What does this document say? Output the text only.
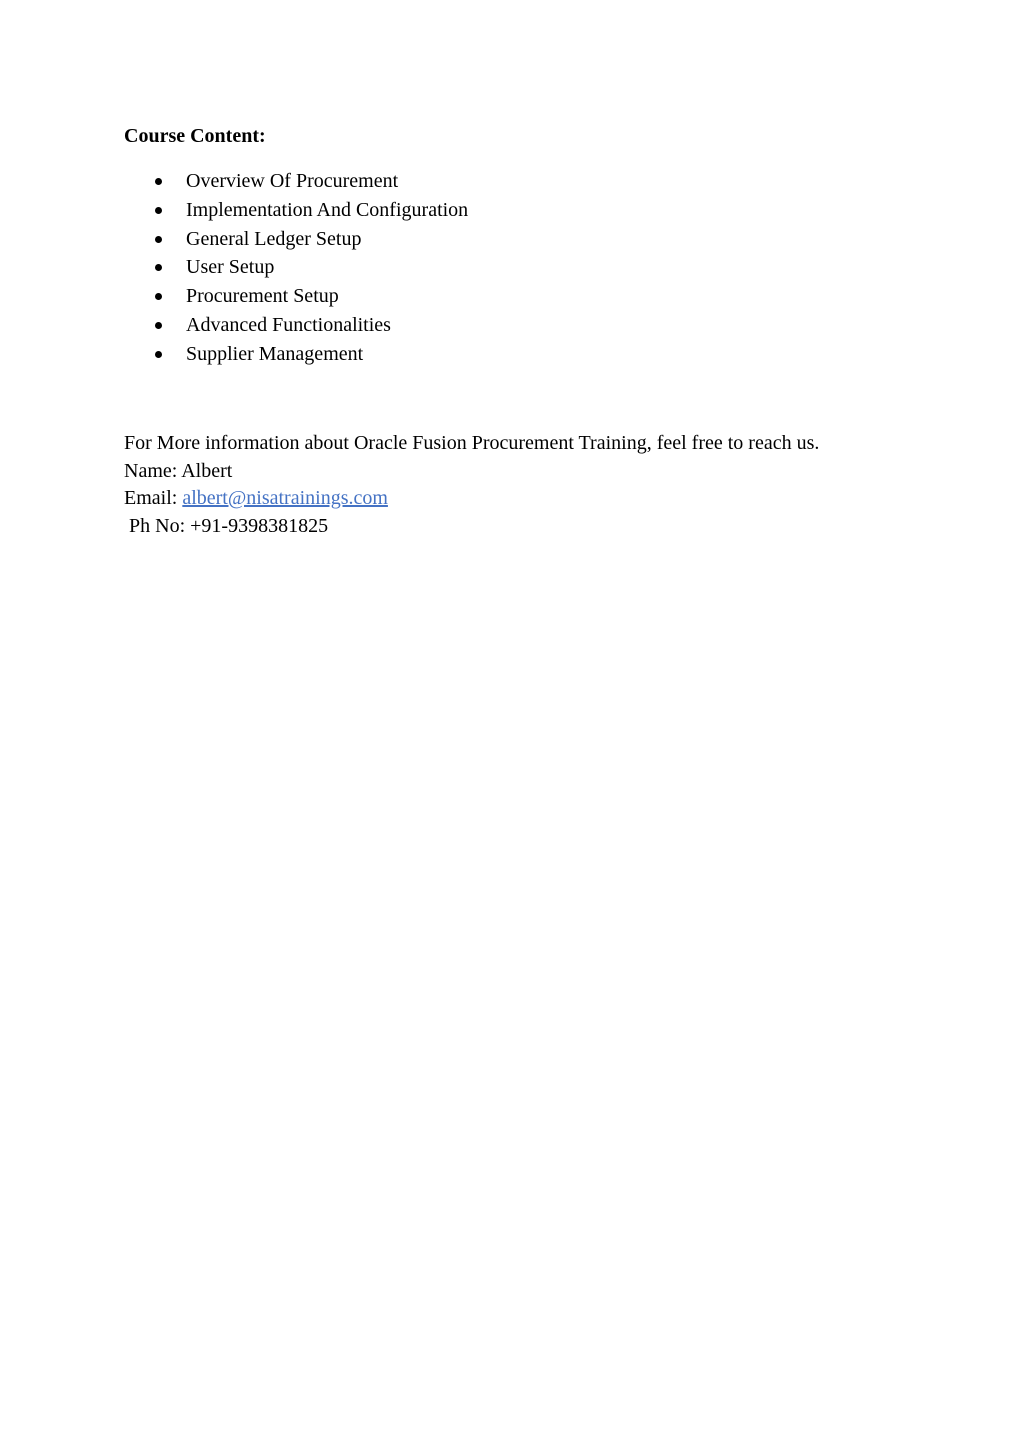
Course Content:

Overview Of Procurement
Implementation And Configuration
General Ledger Setup
User Setup
Procurement Setup
Advanced Functionalities
Supplier Management
For More information about Oracle Fusion Procurement Training, feel free to reach us.
Name: Albert
Email: albert@nisatrainings.com
Ph No: +91-9398381825
